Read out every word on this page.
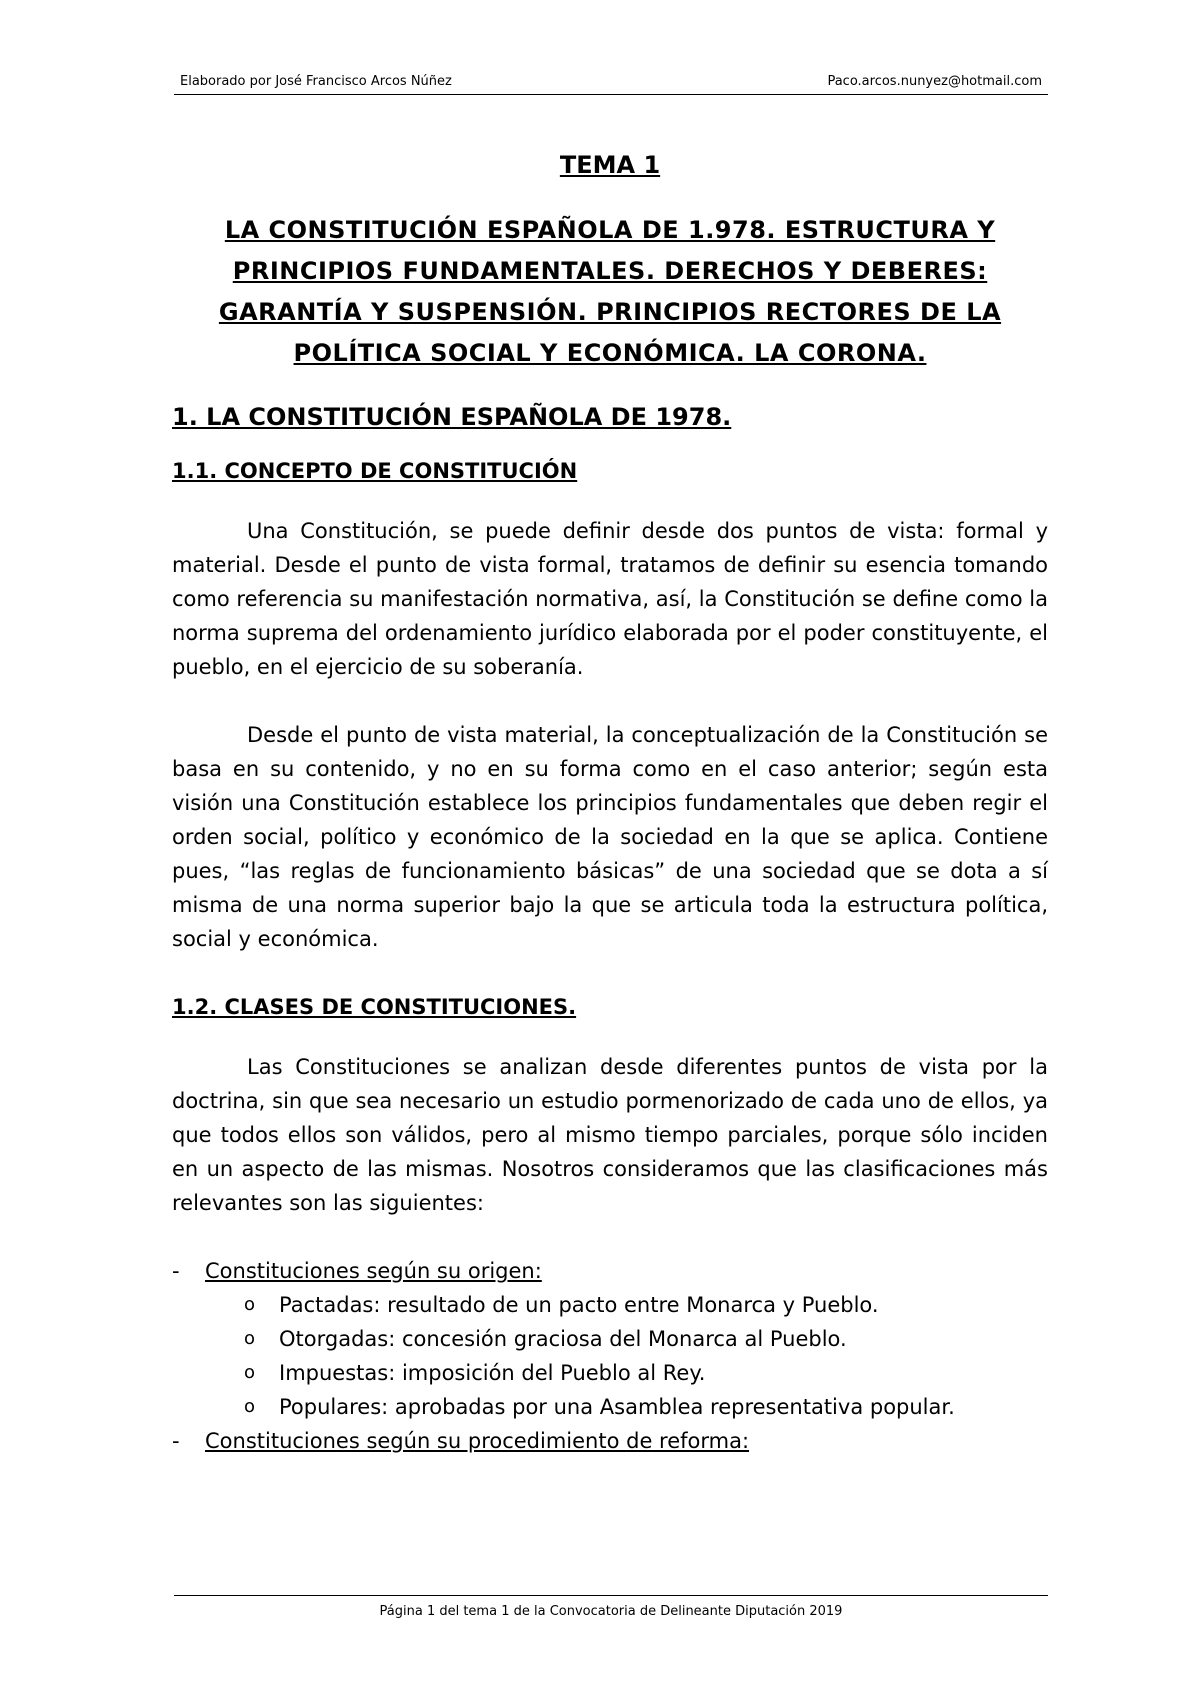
Elaborado por José Francisco Arcos Núñez	Paco.arcos.nunyez@hotmail.com
TEMA 1
LA CONSTITUCIÓN ESPAÑOLA DE 1.978. ESTRUCTURA Y PRINCIPIOS FUNDAMENTALES. DERECHOS Y DEBERES: GARANTÍA Y SUSPENSIÓN. PRINCIPIOS RECTORES DE LA POLÍTICA SOCIAL Y ECONÓMICA. LA CORONA.
1. LA CONSTITUCIÓN ESPAÑOLA DE 1978.
1.1. CONCEPTO DE CONSTITUCIÓN

Una Constitución, se puede definir desde dos puntos de vista: formal y material. Desde el punto de vista formal, tratamos de definir su esencia tomando como referencia su manifestación normativa, así, la Constitución se define como la norma suprema del ordenamiento jurídico elaborada por el poder constituyente, el pueblo, en el ejercicio de su soberanía.

Desde el punto de vista material, la conceptualización de la Constitución se basa en su contenido, y no en su forma como en el caso anterior; según esta visión una Constitución establece los principios fundamentales que deben regir el orden social, político y económico de la sociedad en la que se aplica. Contiene pues, “las reglas de funcionamiento básicas” de una sociedad que se dota a sí misma de una norma superior bajo la que se articula toda la estructura política, social y económica.

1.2. CLASES DE CONSTITUCIONES.

Las Constituciones se analizan desde diferentes puntos de vista por la doctrina, sin que sea necesario un estudio pormenorizado de cada uno de ellos, ya que todos ellos son válidos, pero al mismo tiempo parciales, porque sólo inciden en un aspecto de las mismas. Nosotros consideramos que las clasificaciones más relevantes son las siguientes:

- Constituciones según su origen:
o Pactadas: resultado de un pacto entre Monarca y Pueblo.
o Otorgadas: concesión graciosa del Monarca al Pueblo.
o Impuestas: imposición del Pueblo al Rey.
o Populares: aprobadas por una Asamblea representativa popular.
- Constituciones según su procedimiento de reforma:
Página 1 del tema 1 de la Convocatoria de Delineante Diputación 2019
